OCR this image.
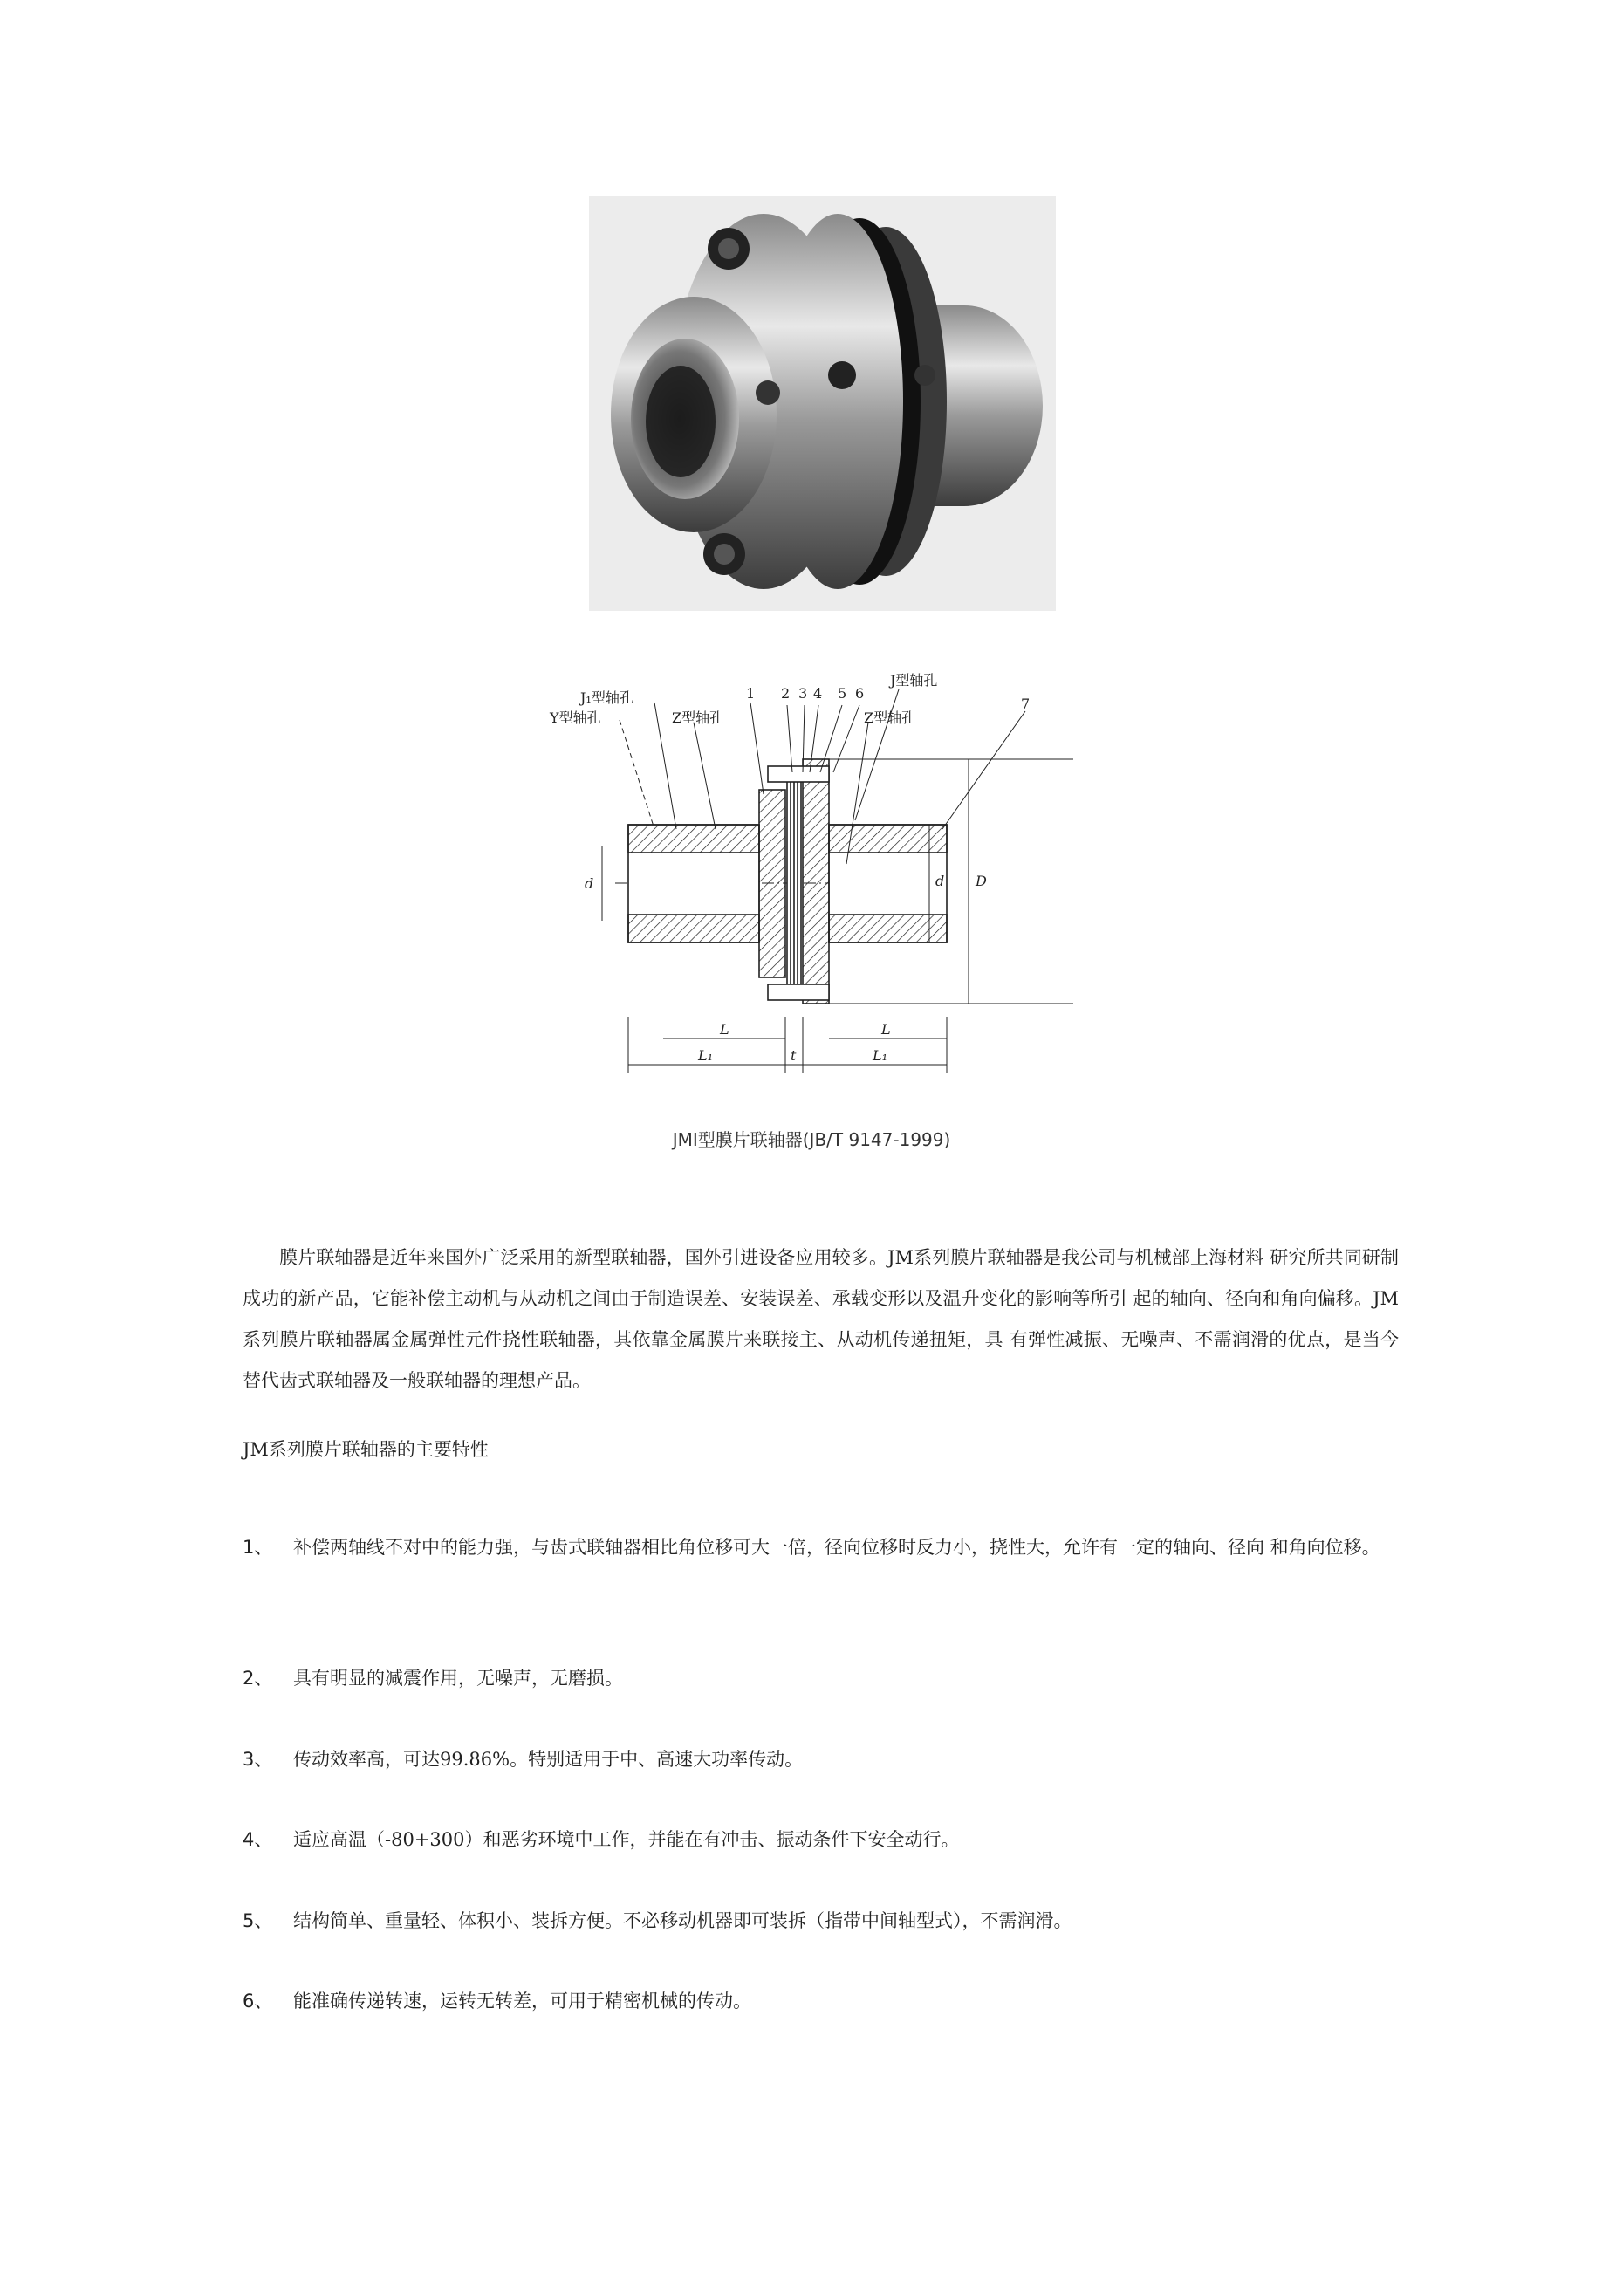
J₁型轴孔
Y型轴孔	Z型轴孔
1 2 3 4 5 6
J型轴孔
Z型轴孔
7
L	L
L₁	L₁
t
d	d D
JMI型膜片联轴器(JB/T 9147-1999)

膜片联轴器是近年来国外广泛采用的新型联轴器，国外引进设备应用较多。JM系列膜片联轴器是我公司与机械部上海材料 研究所共同研制成功的新产品，它能补偿主动机与从动机之间由于制造误差、安装误差、承载变形以及温升变化的影响等所引 起的轴向、径向和角向偏移。JM系列膜片联轴器属金属弹性元件挠性联轴器，其依靠金属膜片来联接主、从动机传递扭矩，具 有弹性减振、无噪声、不需润滑的优点，是当今替代齿式联轴器及一般联轴器的理想产品。

JM系列膜片联轴器的主要特性

1、 补偿两轴线不对中的能力强，与齿式联轴器相比角位移可大一倍，径向位移时反力小，挠性大，允许有一定的轴向、径向 和角向位移。

2、 具有明显的减震作用，无噪声，无磨损。

3、 传动效率高，可达99.86%。特别适用于中、高速大功率传动。

4、 适应高温（-80+300）和恶劣环境中工作，并能在有冲击、振动条件下安全动行。

5、 结构简单、重量轻、体积小、装拆方便。不必移动机器即可装拆（指带中间轴型式），不需润滑。

6、 能准确传递转速，运转无转差，可用于精密机械的传动。
